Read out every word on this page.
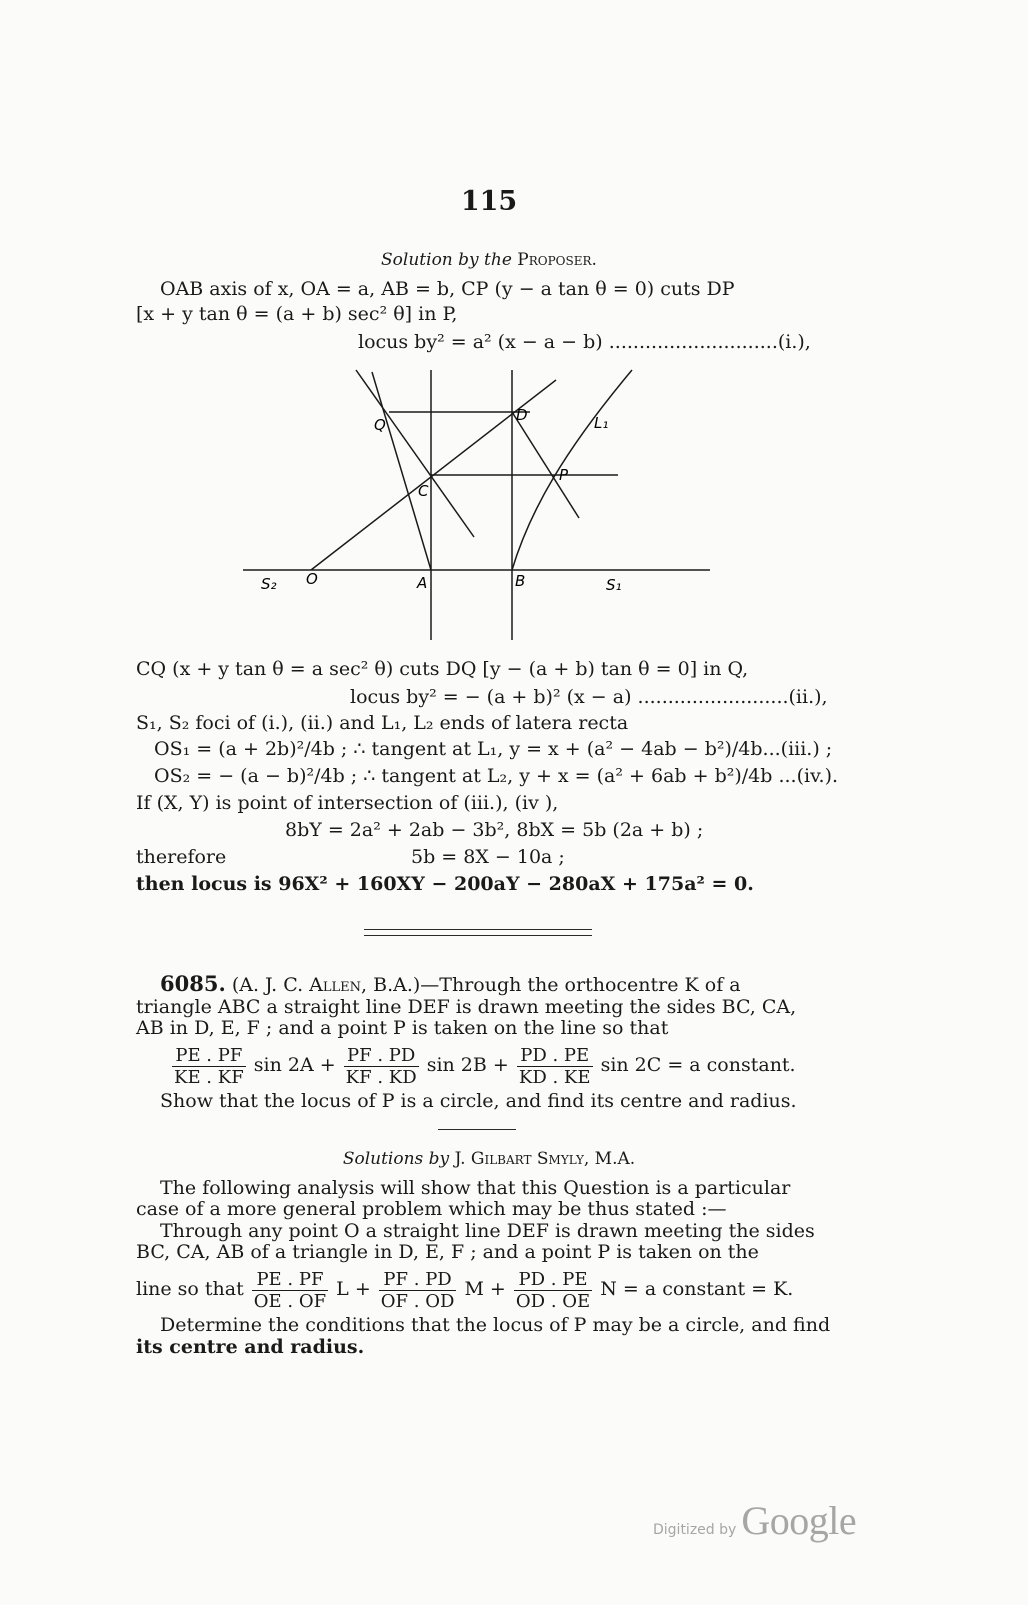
115
Solution by the Proposer.
OAB axis of x, OA = a, AB = b, CP (y − a tan θ = 0) cuts DP
[x + y tan θ = (a + b) sec² θ] in P,
locus by² = a² (x − a − b) ............................(i.),
Q
D	L₁
C
P
S₂ O	A	B	S₁
CQ (x + y tan θ = a sec² θ) cuts DQ [y − (a + b) tan θ = 0] in Q,
locus by² = − (a + b)² (x − a) .........................(ii.),
S₁, S₂ foci of (i.), (ii.) and L₁, L₂ ends of latera recta
OS₁ = (a + 2b)²/4b ; ∴ tangent at L₁, y = x + (a² − 4ab − b²)/4b...(iii.) ;
OS₂ = − (a − b)²/4b ; ∴ tangent at L₂, y + x = (a² + 6ab + b²)/4b ...(iv.).
If (X, Y) is point of intersection of (iii.), (iv ),
8bY = 2a² + 2ab − 3b², 8bX = 5b (2a + b) ;
therefore	5b = 8X − 10a ;
then locus is 96X² + 160XY − 200aY − 280aX + 175a² = 0.
6085. (A. J. C. Allen, B.A.)—Through the orthocentre K of a
triangle ABC a straight line DEF is drawn meeting the sides BC, CA,
AB in D, E, F ; and a point P is taken on the line so that
$\frac{PE . PF}{KE . KF}$ $\sin 2A + \frac{PF . PD}{KF . KD}$ $\sin 2B + \frac{PD . PE}{KD . KE}$ sin 2C = a constant.
Show that the locus of P is a circle, and find its centre and radius.
Solutions by J. Gilbart Smyly, M.A.
The following analysis will show that this Question is a particular
case of a more general problem which may be thus stated :—
Through any point O a straight line DEF is drawn meeting the sides
BC, CA, AB of a triangle in D, E, F ; and a point P is taken on the
line so that $\frac{PE . PF}{OE . OF}$ $L + \frac{PF . PD}{OF . OD}$ $M + \frac{PD . PE}{OD . OE}$ N = a constant = K.
Determine the conditions that the locus of P may be a circle, and find
its centre and radius.
Digitized by Google
